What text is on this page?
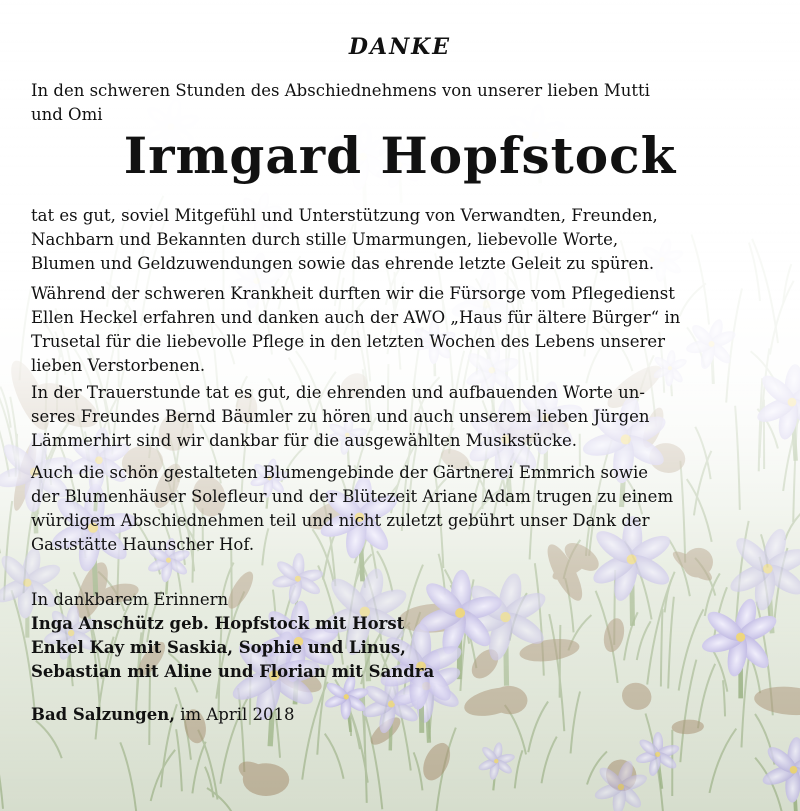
DANKE

In den schweren Stunden des Abschiednehmens von unserer lieben Mutti
und Omi

Irmgard Hopfstock

tat es gut, soviel Mitgefühl und Unterstützung von Verwandten, Freunden,
Nachbarn und Bekannten durch stille Umarmungen, liebevolle Worte,
Blumen und Geldzuwendungen sowie das ehrende letzte Geleit zu spüren.

Während der schweren Krankheit durften wir die Fürsorge vom Pflegedienst
Ellen Heckel erfahren und danken auch der AWO „Haus für ältere Bürger“ in
Trusetal für die liebevolle Pflege in den letzten Wochen des Lebens unserer
lieben Verstorbenen.

In der Trauerstunde tat es gut, die ehrenden und aufbauenden Worte un-
seres Freundes Bernd Bäumler zu hören und auch unserem lieben Jürgen
Lämmerhirt sind wir dankbar für die ausgewählten Musikstücke.

Auch die schön gestalteten Blumengebinde der Gärtnerei Emmrich sowie
der Blumenhäuser Solefleur und der Blütezeit Ariane Adam trugen zu einem
würdigem Abschiednehmen teil und nicht zuletzt gebührt unser Dank der
Gaststätte Haunscher Hof.

In dankbarem Erinnern
Inga Anschütz geb. Hopfstock mit Horst
Enkel Kay mit Saskia, Sophie und Linus,
Sebastian mit Aline und Florian mit Sandra
Bad Salzungen, im April 2018
